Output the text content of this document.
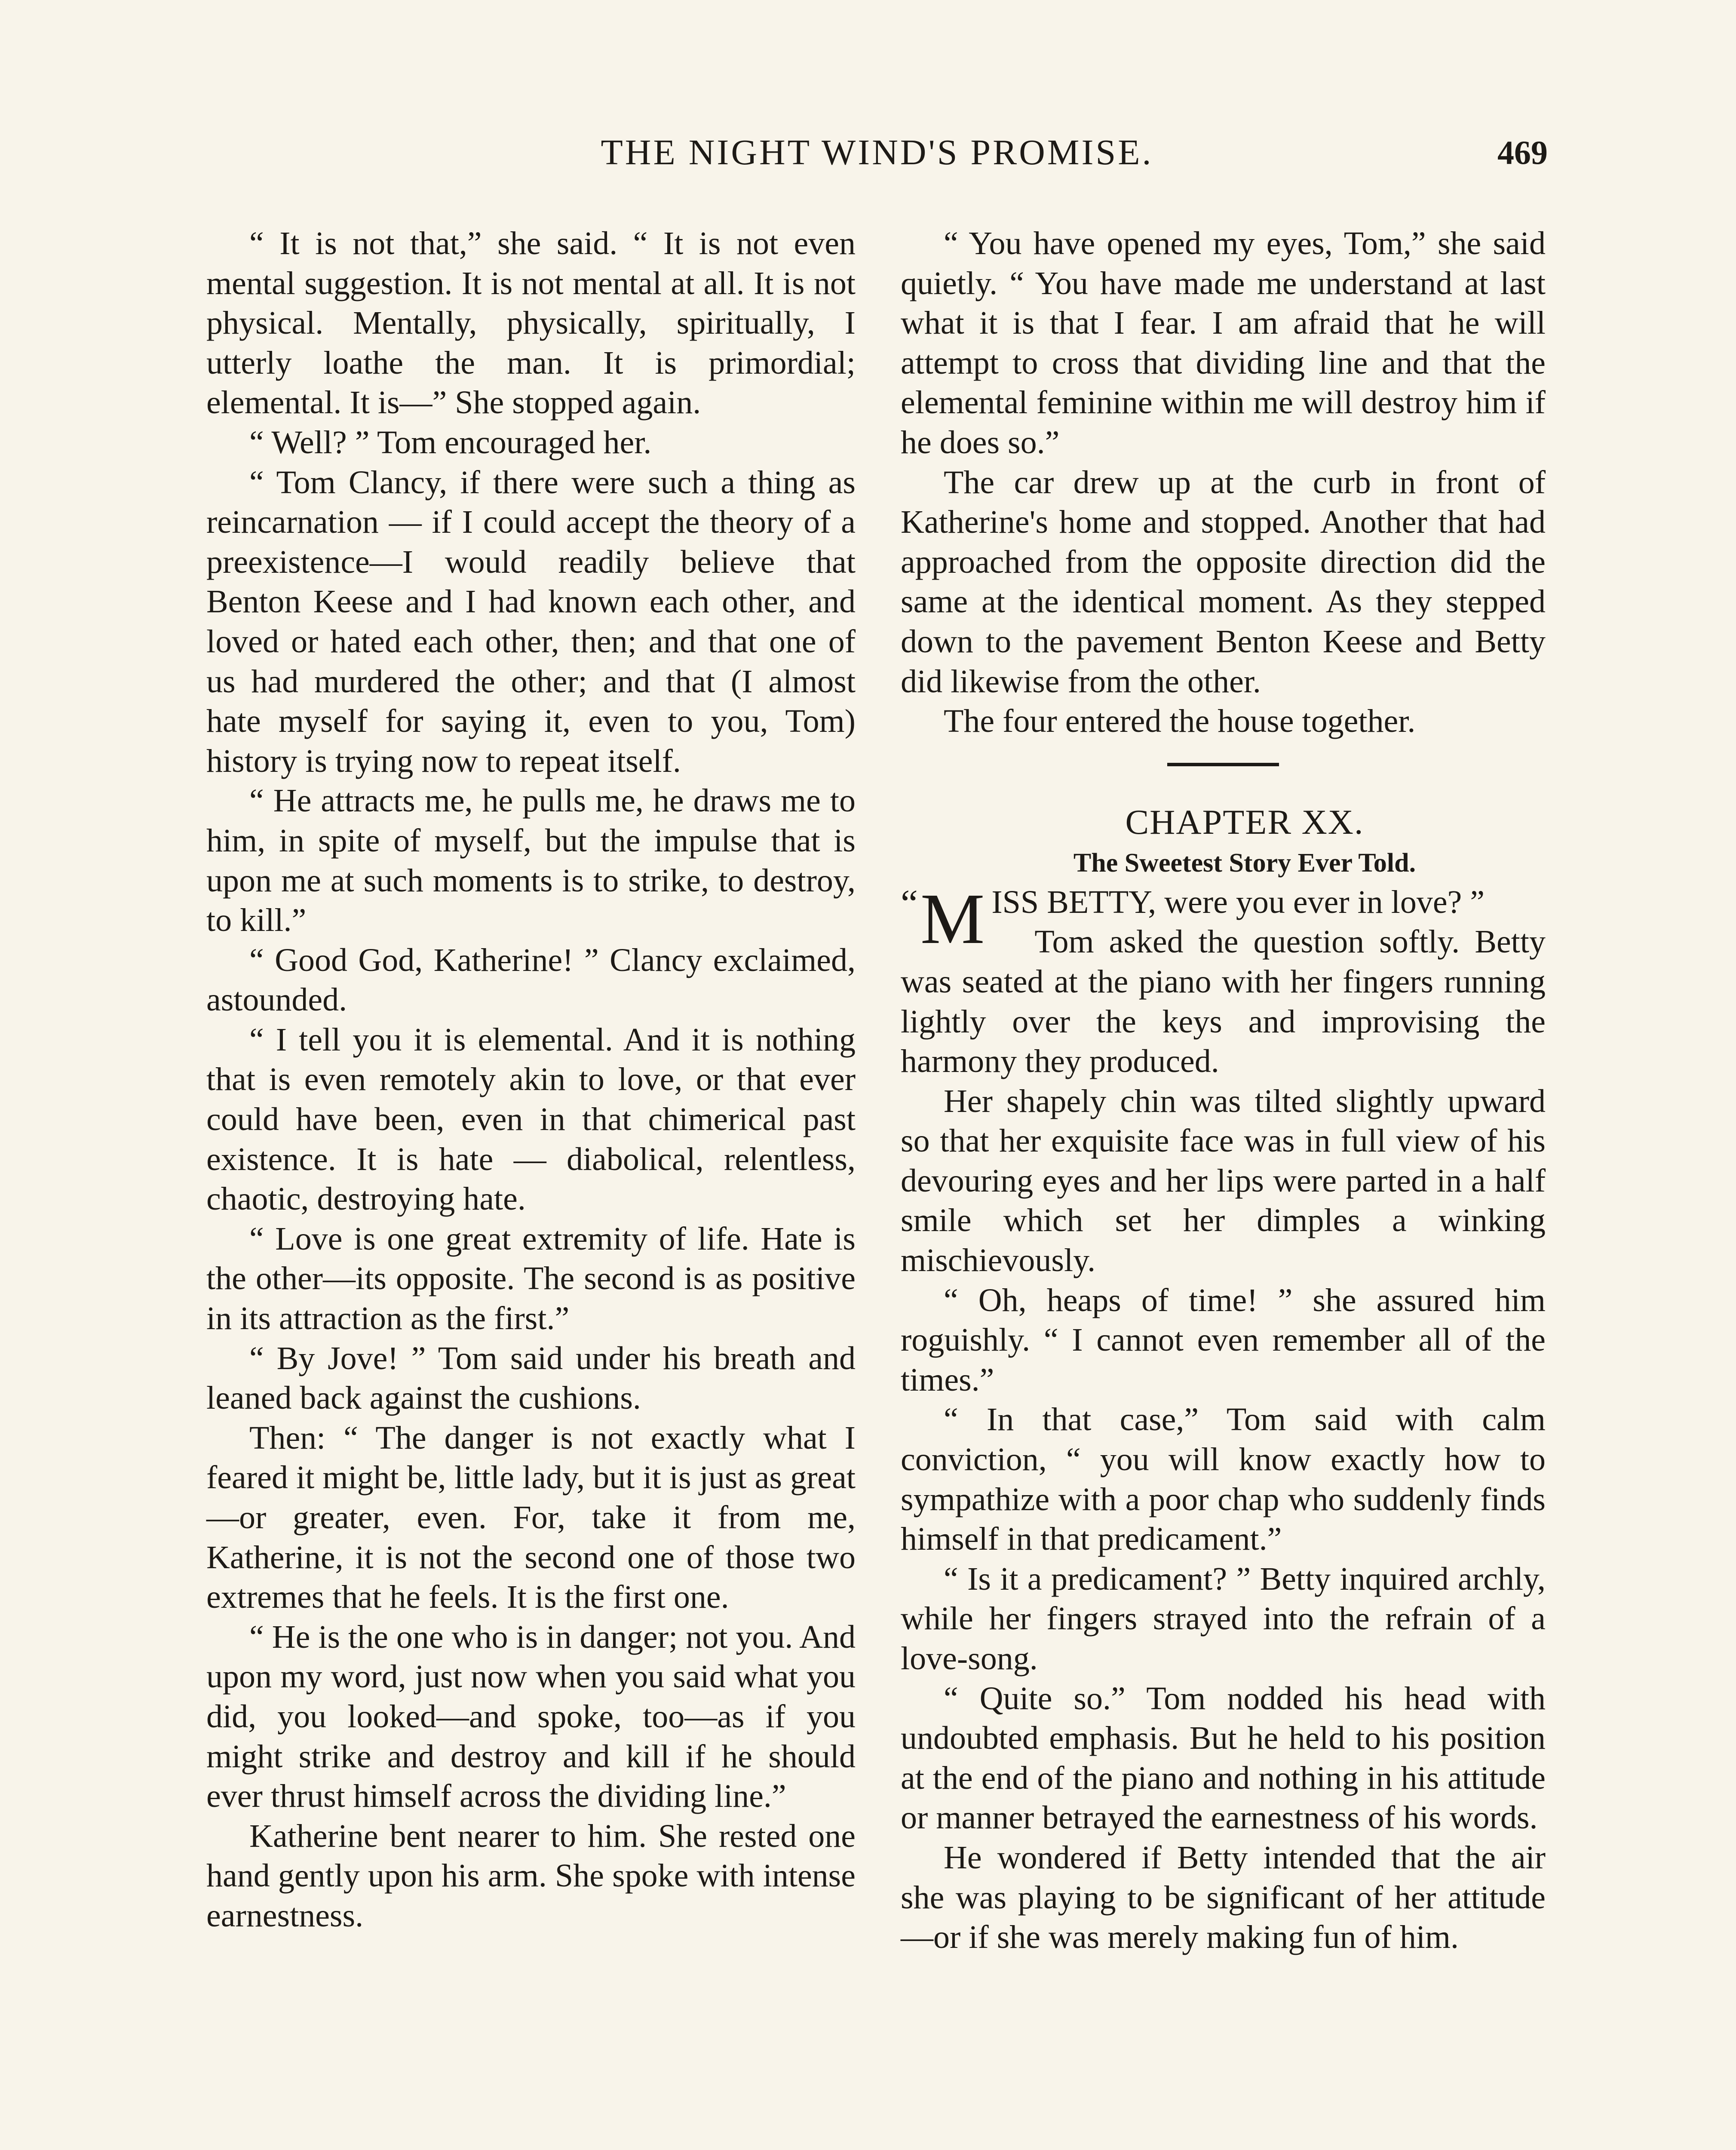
THE NIGHT WIND'S PROMISE.	469

“ It is not that,” she said. “ It is not even mental suggestion. It is not mental at all. It is not physical. Mentally, physically, spiritually, I utterly loathe the man. It is primordial; elemental. It is—” She stopped again.

“ Well? ” Tom encouraged her.

“ Tom Clancy, if there were such a thing as reincarnation — if I could accept the theory of a preexistence—I would readily believe that Benton Keese and I had known each other, and loved or hated each other, then; and that one of us had murdered the other; and that (I almost hate myself for saying it, even to you, Tom) history is trying now to repeat itself.

“ He attracts me, he pulls me, he draws me to him, in spite of myself, but the impulse that is upon me at such moments is to strike, to destroy, to kill.”

“ Good God, Katherine! ” Clancy exclaimed, astounded.

“ I tell you it is elemental. And it is nothing that is even remotely akin to love, or that ever could have been, even in that chimerical past existence. It is hate — diabolical, relentless, chaotic, destroying hate.

“ Love is one great extremity of life. Hate is the other—its opposite. The second is as positive in its attraction as the first.”

“ By Jove! ” Tom said under his breath and leaned back against the cushions.

Then: “ The danger is not exactly what I feared it might be, little lady, but it is just as great—or greater, even. For, take it from me, Katherine, it is not the second one of those two extremes that he feels. It is the first one.

“ He is the one who is in danger; not you. And upon my word, just now when you said what you did, you looked—and spoke, too—as if you might strike and destroy and kill if he should ever thrust himself across the dividing line.”

Katherine bent nearer to him. She rested one hand gently upon his arm. She spoke with intense earnestness.

“ You have opened my eyes, Tom,” she said quietly. “ You have made me understand at last what it is that I fear. I am afraid that he will attempt to cross that dividing line and that the elemental feminine within me will destroy him if he does so.”

The car drew up at the curb in front of Katherine's home and stopped. Another that had approached from the opposite direction did the same at the identical moment. As they stepped down to the pavement Benton Keese and Betty did likewise from the other.

The four entered the house together.

CHAPTER XX.

The Sweetest Story Ever Told.

“ M ISS BETTY, were you ever in love? ”

Tom asked the question softly. Betty was seated at the piano with her fingers running lightly over the keys and improvising the harmony they produced.

Her shapely chin was tilted slightly upward so that her exquisite face was in full view of his devouring eyes and her lips were parted in a half smile which set her dimples a winking mischievously.

“ Oh, heaps of time! ” she assured him roguishly. “ I cannot even remember all of the times.”

“ In that case,” Tom said with calm conviction, “ you will know exactly how to sympathize with a poor chap who suddenly finds himself in that predicament.”

“ Is it a predicament? ” Betty inquired archly, while her fingers strayed into the refrain of a love-song.

“ Quite so.” Tom nodded his head with undoubted emphasis. But he held to his position at the end of the piano and nothing in his attitude or manner betrayed the earnestness of his words.

He wondered if Betty intended that the air she was playing to be significant of her attitude—or if she was merely making fun of him.
